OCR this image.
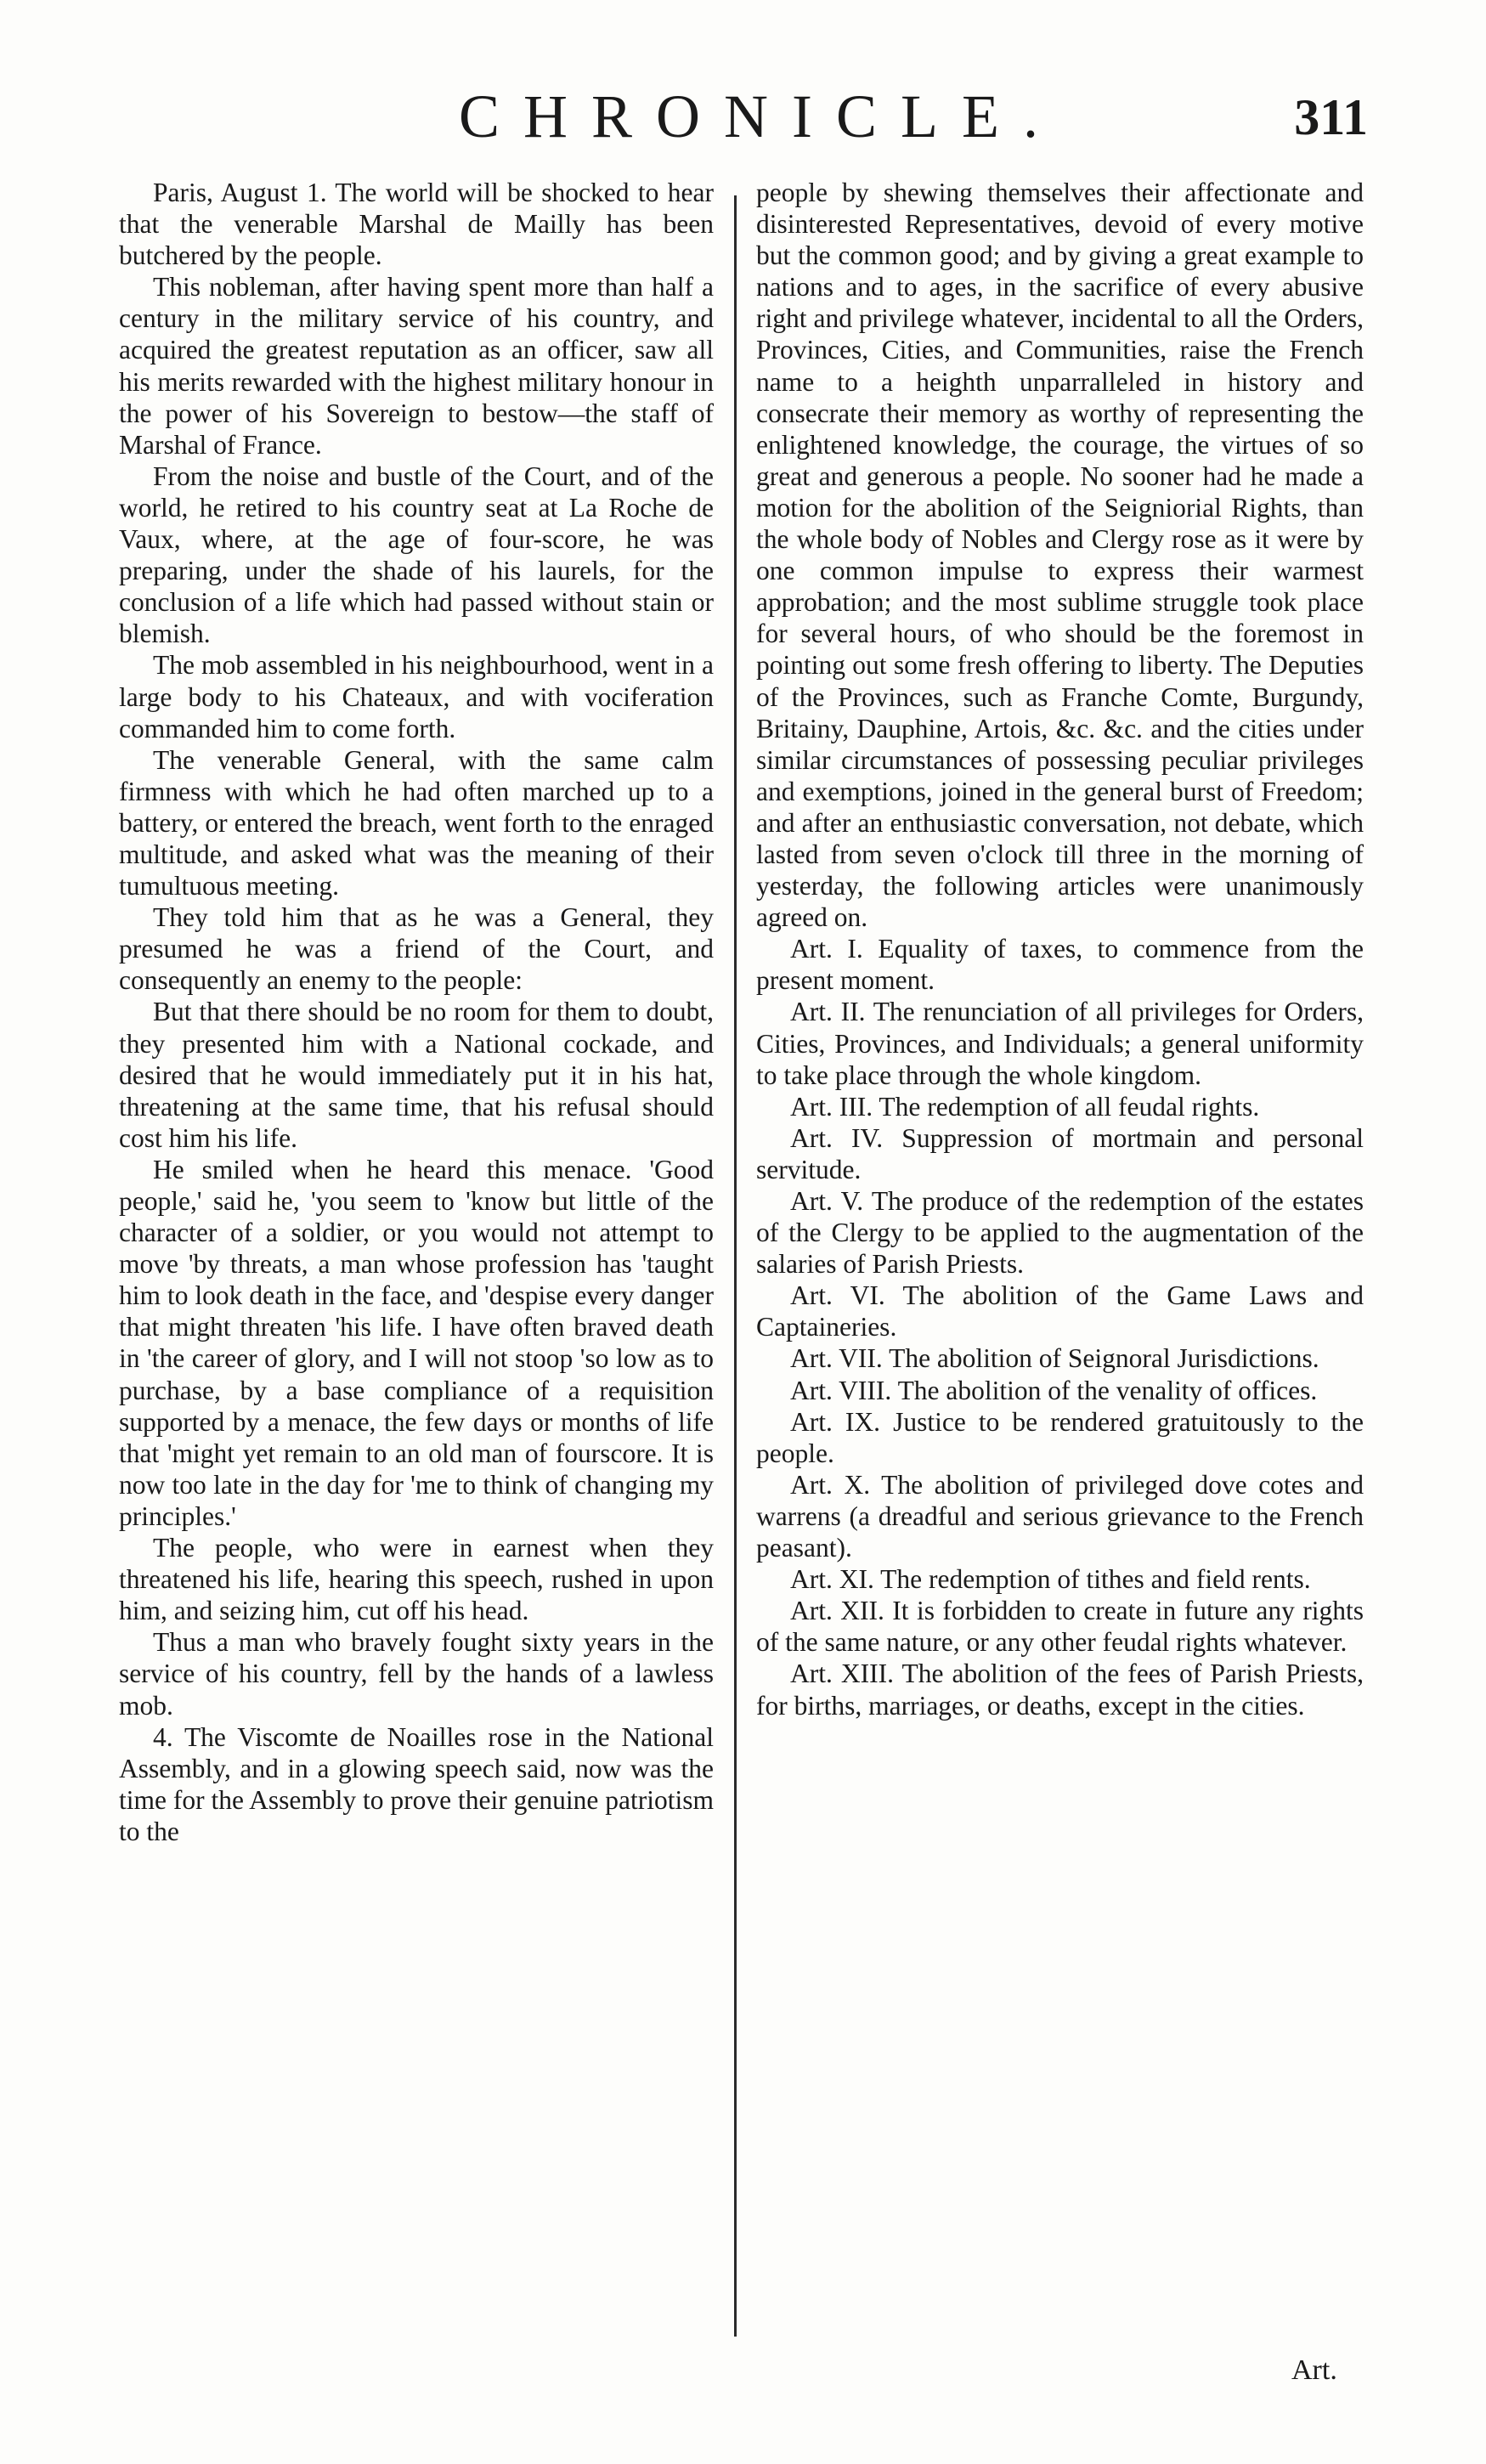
CHRONICLE.	311

Paris, August 1. The world will be shocked to hear that the venerable Marshal de Mailly has been butchered by the people.

This nobleman, after having spent more than half a century in the military service of his country, and acquired the greatest reputation as an officer, saw all his merits rewarded with the highest military honour in the power of his Sovereign to bestow—the staff of Marshal of France.

From the noise and bustle of the Court, and of the world, he retired to his country seat at La Roche de Vaux, where, at the age of four-score, he was preparing, under the shade of his laurels, for the conclusion of a life which had passed without stain or blemish.

The mob assembled in his neighbourhood, went in a large body to his Chateaux, and with vociferation commanded him to come forth.

The venerable General, with the same calm firmness with which he had often marched up to a battery, or entered the breach, went forth to the enraged multitude, and asked what was the meaning of their tumultuous meeting.

They told him that as he was a General, they presumed he was a friend of the Court, and consequently an enemy to the people:

But that there should be no room for them to doubt, they presented him with a National cockade, and desired that he would immediately put it in his hat, threatening at the same time, that his refusal should cost him his life.

He smiled when he heard this menace. 'Good people,' said he, 'you seem to 'know but little of the character of a soldier, or you would not attempt to move 'by threats, a man whose profession has 'taught him to look death in the face, and 'despise every danger that might threaten 'his life. I have often braved death in 'the career of glory, and I will not stoop 'so low as to purchase, by a base compliance of a requisition supported by a menace, the few days or months of life that 'might yet remain to an old man of fourscore. It is now too late in the day for 'me to think of changing my principles.'

The people, who were in earnest when they threatened his life, hearing this speech, rushed in upon him, and seizing him, cut off his head.

Thus a man who bravely fought sixty years in the service of his country, fell by the hands of a lawless mob.

4. The Viscomte de Noailles rose in the National Assembly, and in a glowing speech said, now was the time for the Assembly to prove their genuine patriotism to the

people by shewing themselves their affectionate and disinterested Representatives, devoid of every motive but the common good; and by giving a great example to nations and to ages, in the sacrifice of every abusive right and privilege whatever, incidental to all the Orders, Provinces, Cities, and Communities, raise the French name to a heighth unparralleled in history and consecrate their memory as worthy of representing the enlightened knowledge, the courage, the virtues of so great and generous a people. No sooner had he made a motion for the abolition of the Seigniorial Rights, than the whole body of Nobles and Clergy rose as it were by one common impulse to express their warmest approbation; and the most sublime struggle took place for several hours, of who should be the foremost in pointing out some fresh offering to liberty. The Deputies of the Provinces, such as Franche Comte, Burgundy, Britainy, Dauphine, Artois, &c. &c. and the cities under similar circumstances of possessing peculiar privileges and exemptions, joined in the general burst of Freedom; and after an enthusiastic conversation, not debate, which lasted from seven o'clock till three in the morning of yesterday, the following articles were unanimously agreed on.

Art. I. Equality of taxes, to commence from the present moment.

Art. II. The renunciation of all privileges for Orders, Cities, Provinces, and Individuals; a general uniformity to take place through the whole kingdom.

Art. III. The redemption of all feudal rights.

Art. IV. Suppression of mortmain and personal servitude.

Art. V. The produce of the redemption of the estates of the Clergy to be applied to the augmentation of the salaries of Parish Priests.

Art. VI. The abolition of the Game Laws and Captaineries.

Art. VII. The abolition of Seignoral Jurisdictions.

Art. VIII. The abolition of the venality of offices.

Art. IX. Justice to be rendered gratuitously to the people.

Art. X. The abolition of privileged dove cotes and warrens (a dreadful and serious grievance to the French peasant).

Art. XI. The redemption of tithes and field rents.

Art. XII. It is forbidden to create in future any rights of the same nature, or any other feudal rights whatever.

Art. XIII. The abolition of the fees of Parish Priests, for births, marriages, or deaths, except in the cities.

Art.
